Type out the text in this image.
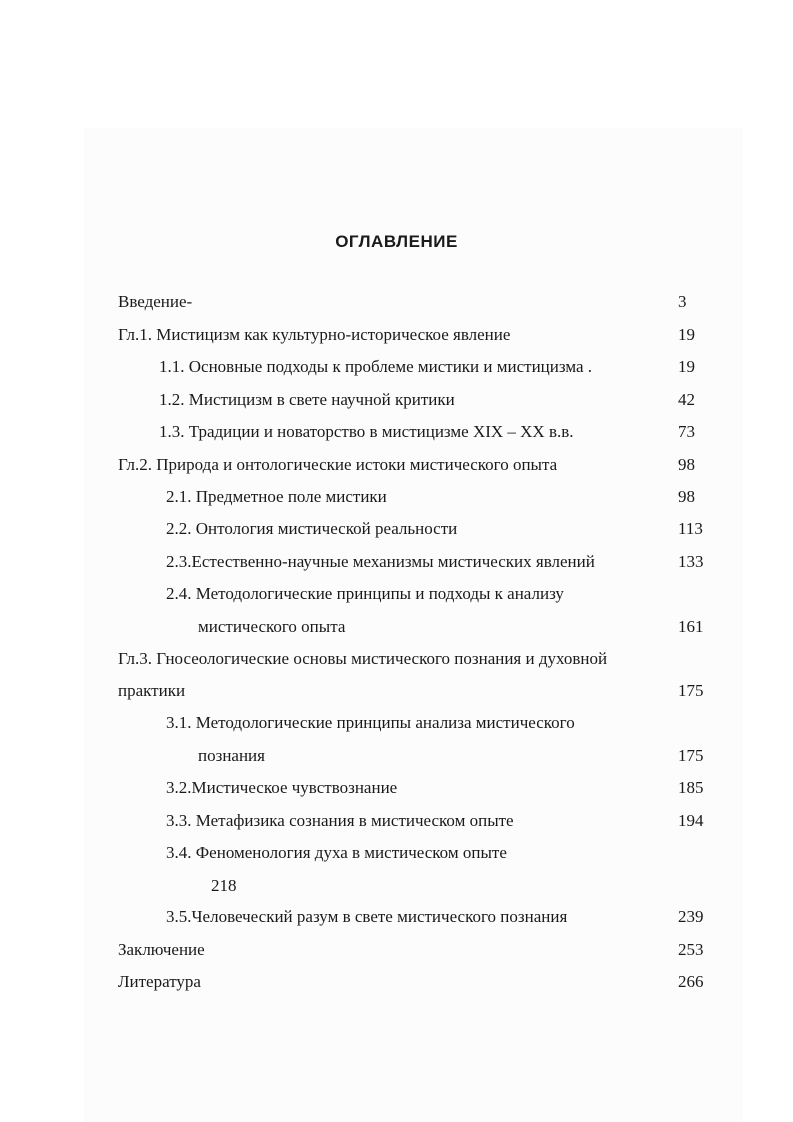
ОГЛАВЛЕНИЕ
Введение-	3
Гл.1. Мистицизм как культурно-историческое явление	19
1.1. Основные подходы к проблеме мистики и мистицизма .	19
1.2. Мистицизм в свете научной критики	42
1.3. Традиции и новаторство в мистицизме XIX – XX в.в.	73
Гл.2. Природа и онтологические истоки мистического опыта	98
2.1. Предметное поле мистики	98
2.2. Онтология мистической реальности	113
2.3.Естественно-научные механизмы мистических явлений	133
2.4. Методологические принципы и подходы к анализу
мистического опыта	161
Гл.3. Гносеологические основы мистического познания и духовной
практики	175
3.1. Методологические принципы анализа мистического
познания	175
3.2.Мистическое чувствознание	185
3.3. Метафизика сознания в мистическом опыте	194
3.4. Феноменология духа в мистическом опыте
218
3.5.Человеческий разум в свете мистического познания	239
Заключение	253
Литература	266
